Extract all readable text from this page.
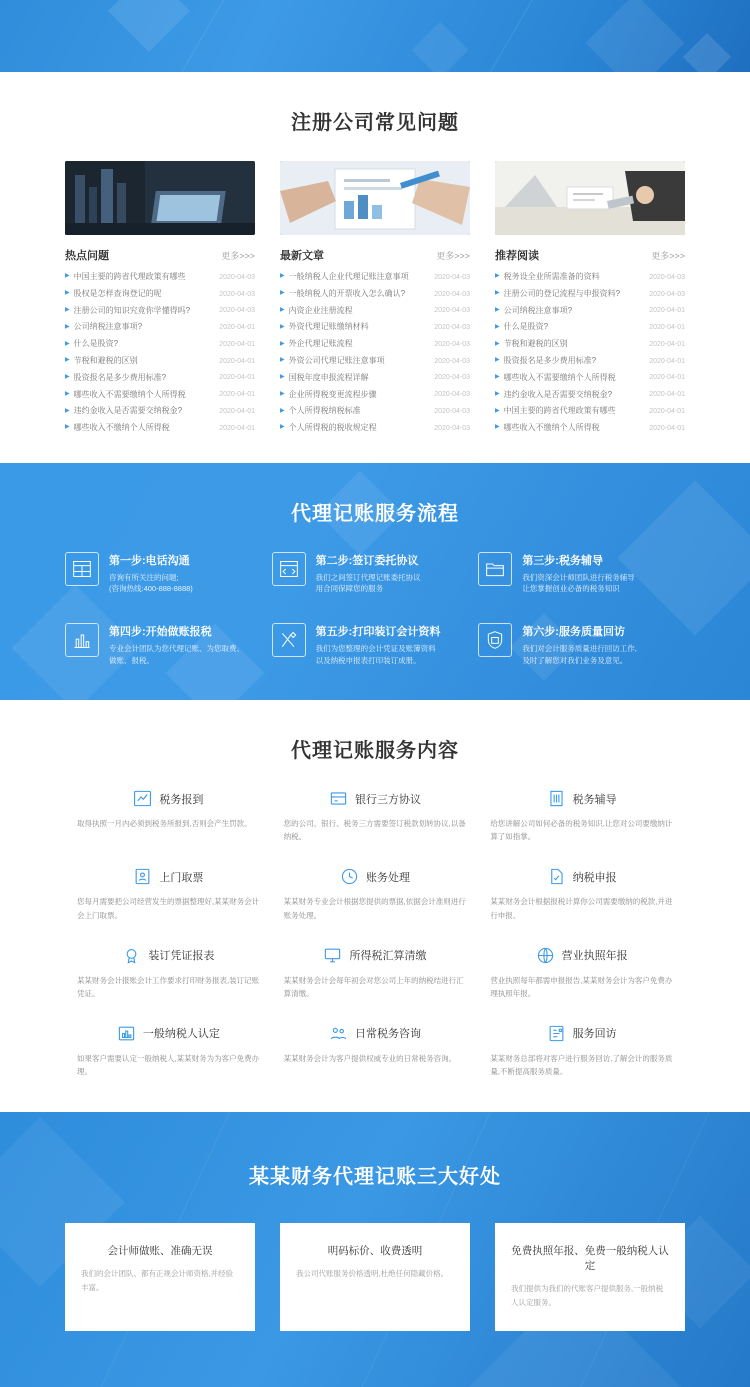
注册公司常见问题
热点问题	更多>>>
▶ 中国主要的跨省代理政策有哪些	2020-04-03
▶ 股权是怎样查询登记的呢	2020-04-03
▶ 注册公司的知识究竟你学懂得吗?	2020-04-03
▶ 公司纳税注意事项?	2020-04-01
▶ 什么是股资?	2020-04-01
▶ 节税和避税的区别	2020-04-01
▶ 股资报名是多少费用标准?	2020-04-01
▶ 哪些收入不需要缴纳个人所得税	2020-04-01
▶ 违约金收入是否需要交纳税金?	2020-04-01
▶ 哪些收入不缴纳个人所得税	2020-04-01
最新文章	更多>>>
▶ 一般纳税人企业代理记账注意事项	2020-04-03
▶ 一般纳税人的开票收入怎么确认?	2020-04-03
▶ 内资企业注册流程	2020-04-03
▶ 外资代理记账缴纳材料	2020-04-03
▶ 外企代理记账流程	2020-04-03
▶ 外资公司代理记账注意事项	2020-04-03
▶ 国税年度申报流程详解	2020-04-03
▶ 企业所得税变更流程步骤	2020-04-03
▶ 个人所得税纳税标准	2020-04-03
▶ 个人所得税的税收规定程	2020-04-03
推荐阅读	更多>>>
▶ 税务设全业所需准备的资料	2020-04-03
▶ 注册公司的登记流程与申报资料?	2020-04-03
▶ 公司纳税注意事项?	2020-04-01
▶ 什么是股资?	2020-04-01
▶ 节税和避税的区别	2020-04-01
▶ 股资报名是多少费用标准?	2020-04-01
▶ 哪些收入不需要缴纳个人所得税	2020-04-01
▶ 违约金收入是否需要交纳税金?	2020-04-01
▶ 中国主要的跨省代理政策有哪些	2020-04-01
▶ 哪些收入不缴纳个人所得税	2020-04-01
代理记账服务流程
第一步:电话沟通
咨询有所关注的问题;
(咨询热线:400-888-8888)
第二步:签订委托协议
我们之间签订代理记账委托协议
用合同保障您的服务
第三步:税务辅导
我们资深会计师团队进行税务辅导
让您掌握创业必备的税务知识
第四步:开始做账报税
专业会计团队为您代理记账、为您取费、
做账、报税。
第五步:打印装订会计资料
我们为您整理的会计凭证及账簿资料
以及纳税申报表打印装订成册。
第六步:服务质量回访
我们对会计服务质量进行回访工作,
及时了解您对我们业务及意见。
代理记账服务内容
税务报到
取得执照一月内必须到税务所报到,否则会产生罚款。
银行三方协议
您的公司、银行、税务三方需要签订税款划转协议,以备纳税。
税务辅导
给您讲解公司如何必备的税务知识,让您对公司要缴纳计算了如指掌。
上门取票
您每月需要把公司经营发生的票据整理好,某某财务会计会上门取票。
账务处理
某某财务专业会计根据您提供的票据,依据会计准则进行账务处理。
纳税申报
某某财务会计根据报税计算你公司需要缴纳的税款,并进行申报。
装订凭证报表
某某财务会计报账会计工作要求打印财务报表,装订记账凭证。
所得税汇算清缴
某某财务会计会每年初会对您公司上年的纳税结进行汇算清缴。
营业执照年报
营业执照每年都需申报报告,某某财务会计为客户免费办理执照年报。
一般纳税人认定
如果客户需要认定一般纳税人,某某财务为为客户免费办理。
日常税务咨询
某某财务会计为客户提供权威专业的日常税务咨询。
服务回访
某某财务总部将对客户进行服务回访,了解会计的服务质量,不断提高服务质量。
某某财务代理记账三大好处
会计师做账、准确无误
我们的会计团队、都有正规会计师资格,并经验丰富。
明码标价、收费透明
我公司代账服务价格透明,杜绝任何隐藏价格。
免费执照年报、免费一般纳税人认定
我们提供为我们的代账客户提供服务,一般纳税人认定服务。
